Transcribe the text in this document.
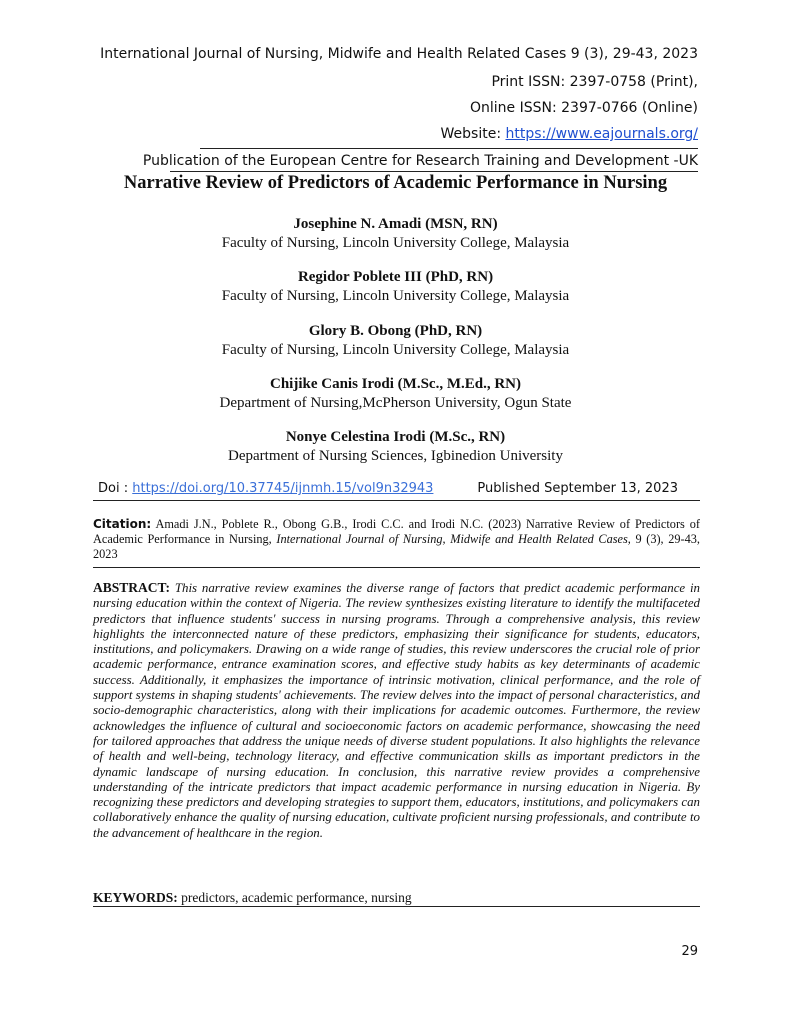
International Journal of Nursing, Midwife and Health Related Cases 9 (3), 29-43, 2023
Print ISSN: 2397-0758 (Print),
Online ISSN: 2397-0766 (Online)
Website: https://www.eajournals.org/
Publication of the European Centre for Research Training and Development -UK
Narrative Review of Predictors of Academic Performance in Nursing
Josephine N. Amadi (MSN, RN)
Faculty of Nursing, Lincoln University College, Malaysia
Regidor Poblete III (PhD, RN)
Faculty of Nursing, Lincoln University College, Malaysia
Glory B. Obong (PhD, RN)
Faculty of Nursing, Lincoln University College, Malaysia
Chijike Canis Irodi (M.Sc., M.Ed., RN)
Department of Nursing,McPherson University, Ogun State
Nonye Celestina Irodi (M.Sc., RN)
Department of Nursing Sciences, Igbinedion University
Doi : https://doi.org/10.37745/ijnmh.15/vol9n32943	Published September 13, 2023
Citation: Amadi J.N., Poblete R., Obong G.B., Irodi C.C. and Irodi N.C. (2023) Narrative Review of Predictors of Academic Performance in Nursing, International Journal of Nursing, Midwife and Health Related Cases, 9 (3), 29-43, 2023
ABSTRACT: This narrative review examines the diverse range of factors that predict academic performance in nursing education within the context of Nigeria. The review synthesizes existing literature to identify the multifaceted predictors that influence students' success in nursing programs. Through a comprehensive analysis, this review highlights the interconnected nature of these predictors, emphasizing their significance for students, educators, institutions, and policymakers. Drawing on a wide range of studies, this review underscores the crucial role of prior academic performance, entrance examination scores, and effective study habits as key determinants of academic success. Additionally, it emphasizes the importance of intrinsic motivation, clinical performance, and the role of support systems in shaping students' achievements. The review delves into the impact of personal characteristics, and socio-demographic characteristics, along with their implications for academic outcomes. Furthermore, the review acknowledges the influence of cultural and socioeconomic factors on academic performance, showcasing the need for tailored approaches that address the unique needs of diverse student populations. It also highlights the relevance of health and well-being, technology literacy, and effective communication skills as important predictors in the dynamic landscape of nursing education. In conclusion, this narrative review provides a comprehensive understanding of the intricate predictors that impact academic performance in nursing education in Nigeria. By recognizing these predictors and developing strategies to support them, educators, institutions, and policymakers can collaboratively enhance the quality of nursing education, cultivate proficient nursing professionals, and contribute to the advancement of healthcare in the region.
KEYWORDS: predictors, academic performance, nursing
29
